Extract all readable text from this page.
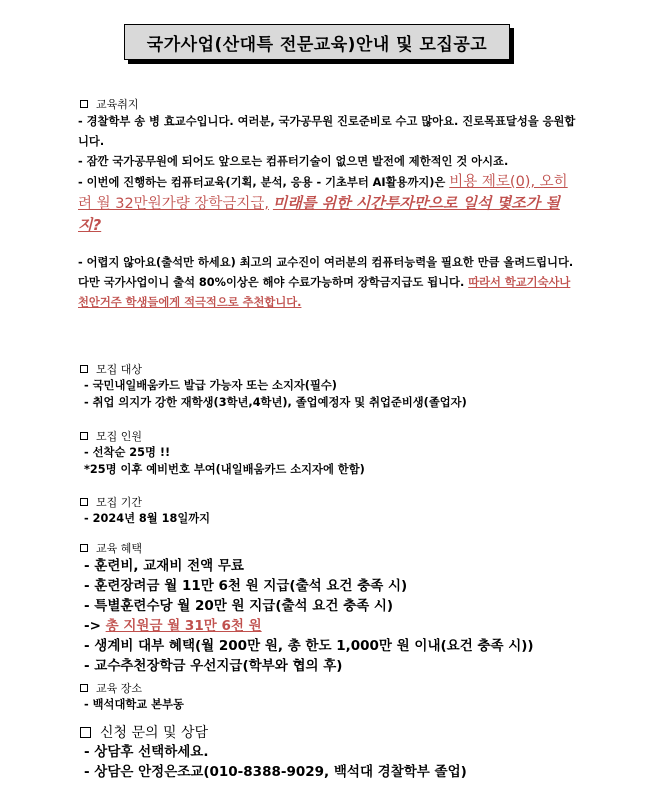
국가사업(산대특 전문교육)안내 및 모집공고
교육취지

- 경찰학부 송 병 효교수입니다. 여러분, 국가공무원 진로준비로 수고 많아요. 진로목표달성을 응원합니다.

- 잠깐 국가공무원에 되어도 앞으로는 컴퓨터기술이 없으면 발전에 제한적인 것 아시죠.

- 이번에 진행하는 컴퓨터교육(기획, 분석, 응용 - 기초부터 AI활용까지)은 비용 제로(0), 오히려 월 32만원가량 장학금지급, 미래를 위한 시간투자만으로 일석 몇조가 될지?

- 어렵지 않아요(출석만 하세요) 최고의 교수진이 여러분의 컴퓨터능력을 필요한 만큼 올려드립니다. 다만 국가사업이니 출석 80%이상은 해야 수료가능하며 장학금지급도 됩니다. 따라서 학교기숙사나 천안거주 학생들에게 적극적으로 추천합니다.

모집 대상
- 국민내일배움카드 발급 가능자 또는 소지자(필수)
- 취업 의지가 강한 재학생(3학년,4학년), 졸업예정자 및 취업준비생(졸업자)
모집 인원
- 선착순 25명 !!
*25명 이후 예비번호 부여(내일배움카드 소지자에 한함)
모집 기간
- 2024년 8월 18일까지
교육 혜택
- 훈련비, 교재비 전액 무료
- 훈련장려금 월 11만 6천 원 지급(출석 요건 충족 시)
- 특별훈련수당 월 20만 원 지급(출석 요건 충족 시)
-> 총 지원금 월 31만 6천 원
- 생계비 대부 혜택(월 200만 원, 총 한도 1,000만 원 이내(요건 충족 시))
- 교수추천장학금 우선지급(학부와 협의 후)
교육 장소
- 백석대학교 본부동
신청 문의 및 상담
- 상담후 선택하세요.
- 상담은 안정은조교(010-8388-9029, 백석대 경찰학부 졸업)
